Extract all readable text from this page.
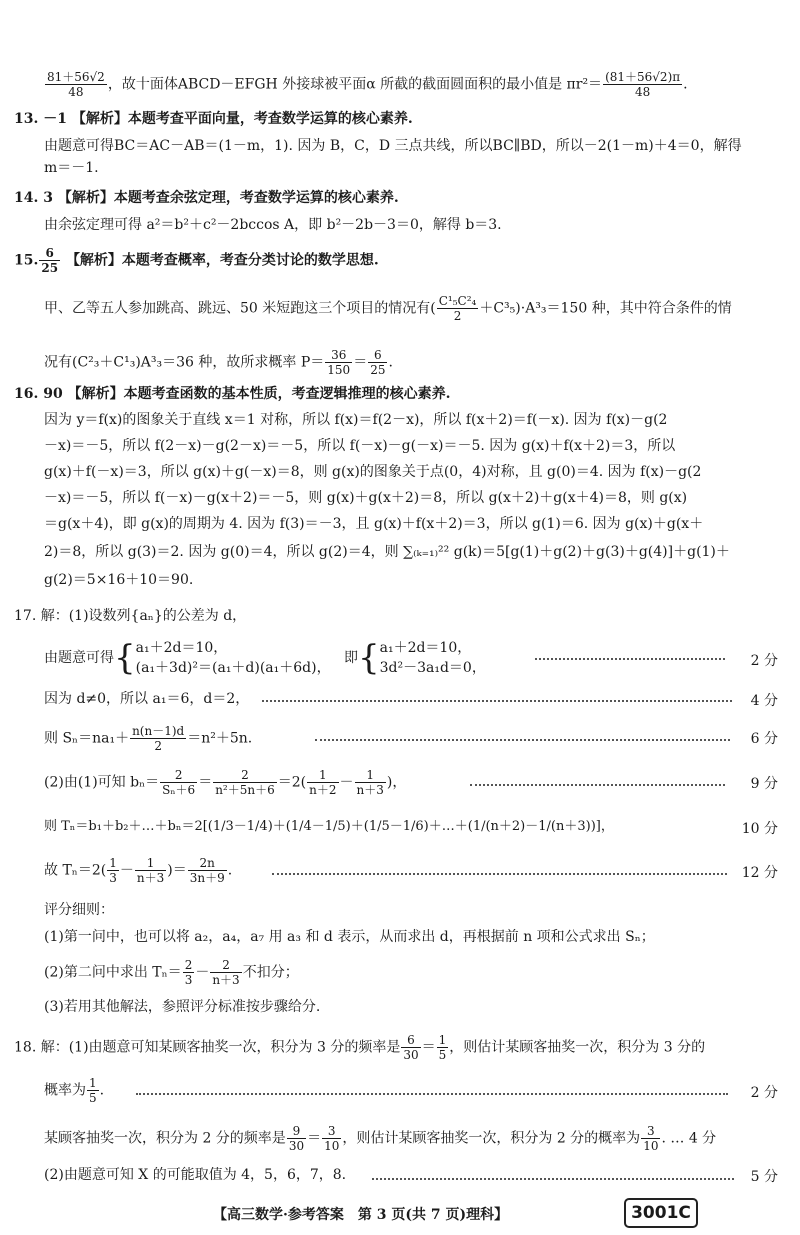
$\frac{81+56√2}{48}$ ，故十面体ABCD－EFGH 外接球被平面α 所截的截面圆面积的最小值是 $\pi r^2= \frac{(81+56√2)\pi}{48}$ .
13. －1 【解析】本题考查平面向量，考查数学运算的核心素养.
由题意可得BC＝AC－AB＝(1－m，1). 因为 B，C，D 三点共线，所以BC∥BD，所以－2(1－m)＋4＝0，解得
m＝－1.
14. 3 【解析】本题考查余弦定理，考查数学运算的核心素养.
由余弦定理可得 a²＝b²＋c²－2bccos A，即 b²－2b－3＝0，解得 b＝3.
15. $\frac{6}{25}$ 【解析】本题考查概率，考查分类讨论的数学思想.
甲、乙等五人参加跳高、跳远、50 米短跑这三个项目的情况有( $\frac{\text{C¹₅C²₄}}{2} +C^3_5)\cdot A^3_3=150$ 种，其中符合条件的情
况有(C²₃＋C¹₃)A³₃＝36 种，故所求概率 $P= \frac{36}{150} = \frac{6}{25}$ .
16. 90 【解析】本题考查函数的基本性质，考查逻辑推理的核心素养.
因为 y＝f(x)的图象关于直线 x＝1 对称，所以 f(x)＝f(2－x)，所以 f(x＋2)＝f(－x). 因为 f(x)－g(2
－x)＝－5，所以 f(2－x)－g(2－x)＝－5，所以 f(－x)－g(－x)＝－5. 因为 g(x)＋f(x＋2)＝3，所以
g(x)＋f(－x)＝3，所以 g(x)＋g(－x)＝8，则 g(x)的图象关于点(0，4)对称，且 g(0)＝4. 因为 f(x)－g(2
－x)＝－5，所以 f(－x)－g(x＋2)＝－5，则 g(x)＋g(x＋2)＝8，所以 g(x＋2)＋g(x＋4)＝8，则 g(x)
＝g(x＋4)，即 g(x)的周期为 4. 因为 f(3)＝－3，且 g(x)＋f(x＋2)＝3，所以 g(1)＝6. 因为 g(x)＋g(x＋
2)＝8，所以 g(3)＝2. 因为 g(0)＝4，所以 g(2)＝4，则 ∑₍ₖ₌₁₎²² g(k)＝5[g(1)＋g(2)＋g(3)＋g(4)]＋g(1)＋
g(2)＝5×16＋10＝90.
17. 解：(1)设数列{aₙ}的公差为 d，
由题意可得{ a₁＋2d＝10，
(a₁＋3d)²＝(a₁＋d)(a₁＋6d)，
即{ a₁＋2d＝10，
3d²－3a₁d＝0，	2 分
因为 d≠0，所以 a₁＝6，d＝2，	4 分
则 $S_n=na_1+ \frac{n(n-1)d}{2} =n^2+5n$.	6 分
(2)由(1)可知 $b_n= \frac{2}{\text{Sₙ＋6}} = \frac{2}{\text{n²＋5n＋6}} =2( \frac{1}{n+2} - \frac{1}{n+3}$ )，	9 分
则 Tₙ＝b₁＋b₂＋…＋bₙ＝2[(1/3－1/4)＋(1/4－1/5)＋(1/5－1/6)＋…＋(1/(n＋2)－1/(n＋3))]，	10 分
故 $T_n=2( \frac{1}{3} - \frac{1}{n+3}$ )＝ $\frac{2n}{3n+9}$ .	12 分
评分细则：
(1)第一问中，也可以将 a₂，a₄，a₇ 用 a₃ 和 d 表示，从而求出 d，再根据前 n 项和公式求出 Sₙ；
(2)第二问中求出 $T_n= \frac{2}{3} - \frac{2}{n+3}$ 不扣分；
(3)若用其他解法，参照评分标准按步骤给分.
18. 解：(1)由题意可知某顾客抽奖一次，积分为 3 分的频率是 $\frac{6}{30} = \frac{1}{5}$ ，则估计某顾客抽奖一次，积分为 3 分的
概率为 $\frac{1}{5}$ .	2 分
某顾客抽奖一次，积分为 2 分的频率是 $\frac{9}{30} = \frac{3}{10}$ ，则估计某顾客抽奖一次，积分为 2 分的概率为 $\frac{3}{10}$ . … 4 分
(2)由题意可知 X 的可能取值为 4，5，6，7，8.	5 分
【高三数学·参考答案　第 3 页(共 7 页)理科】	3001C
